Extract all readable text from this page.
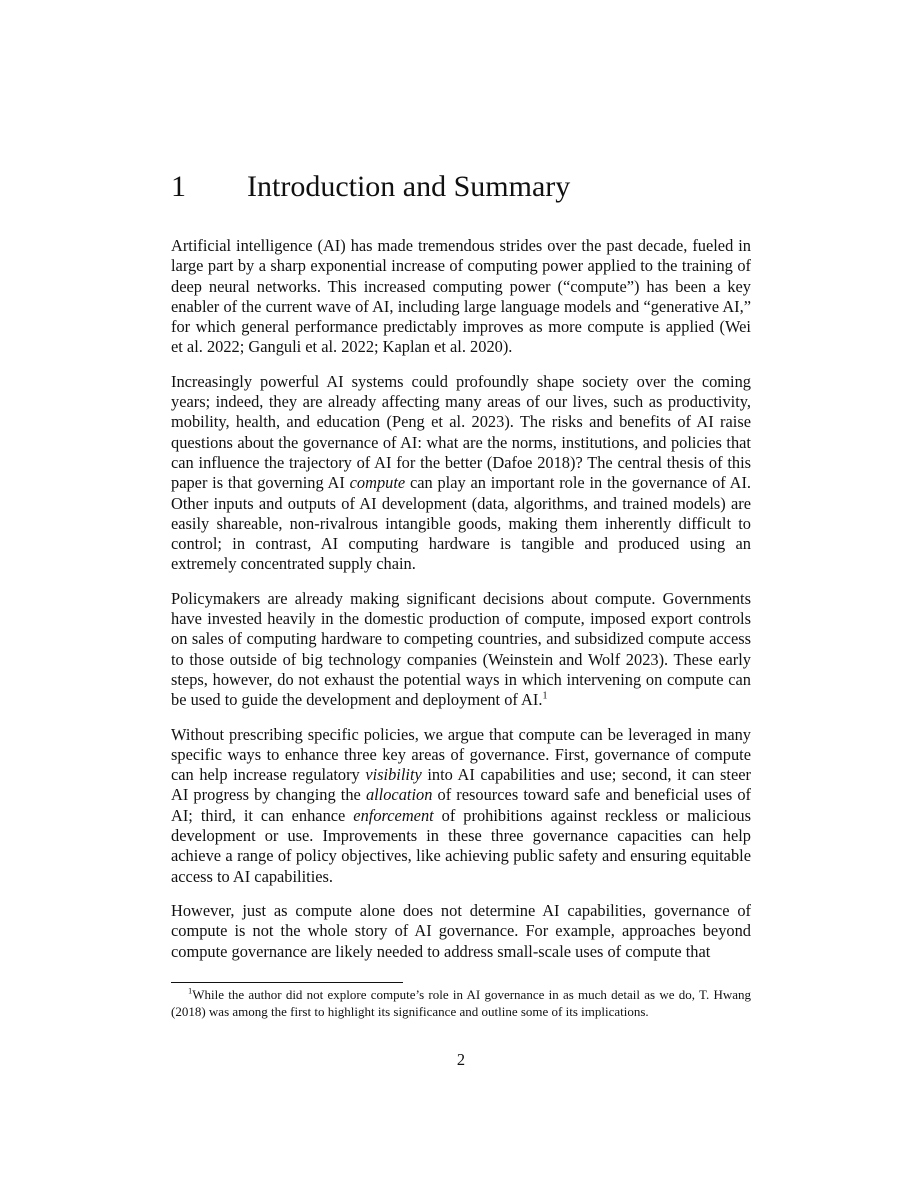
1 Introduction and Summary

Artificial intelligence (AI) has made tremendous strides over the past decade, fueled in large part by a sharp exponential increase of computing power applied to the training of deep neural networks. This increased computing power (“compute”) has been a key enabler of the current wave of AI, including large language models and “generative AI,” for which general performance predictably improves as more compute is applied (Wei et al. 2022; Ganguli et al. 2022; Kaplan et al. 2020).

Increasingly powerful AI systems could profoundly shape society over the coming years; indeed, they are already affecting many areas of our lives, such as productivity, mobility, health, and education (Peng et al. 2023). The risks and benefits of AI raise questions about the governance of AI: what are the norms, institutions, and policies that can influence the trajectory of AI for the better (Dafoe 2018)? The central thesis of this paper is that governing AI compute can play an important role in the governance of AI. Other inputs and outputs of AI development (data, algorithms, and trained models) are easily shareable, non-rivalrous intangible goods, making them inherently difficult to control; in contrast, AI computing hardware is tangible and produced using an extremely concentrated supply chain.

Policymakers are already making significant decisions about compute. Governments have invested heavily in the domestic production of compute, imposed export controls on sales of computing hardware to competing countries, and subsidized compute access to those outside of big technology companies (Weinstein and Wolf 2023). These early steps, however, do not exhaust the potential ways in which intervening on compute can be used to guide the development and deployment of AI.$^1$

Without prescribing specific policies, we argue that compute can be leveraged in many specific ways to enhance three key areas of governance. First, governance of compute can help increase regulatory visibility into AI capabilities and use; second, it can steer AI progress by changing the allocation of resources toward safe and beneficial uses of AI; third, it can enhance enforcement of prohibitions against reckless or malicious development or use. Improvements in these three governance capacities can help achieve a range of policy objectives, like achieving public safety and ensuring equitable access to AI capabilities.

However, just as compute alone does not determine AI capabilities, governance of compute is not the whole story of AI governance. For example, approaches beyond compute governance are likely needed to address small-scale uses of compute that

$^1$While the author did not explore compute’s role in AI governance in as much detail as we do, T. Hwang (2018) was among the first to highlight its significance and outline some of its implications.

2
